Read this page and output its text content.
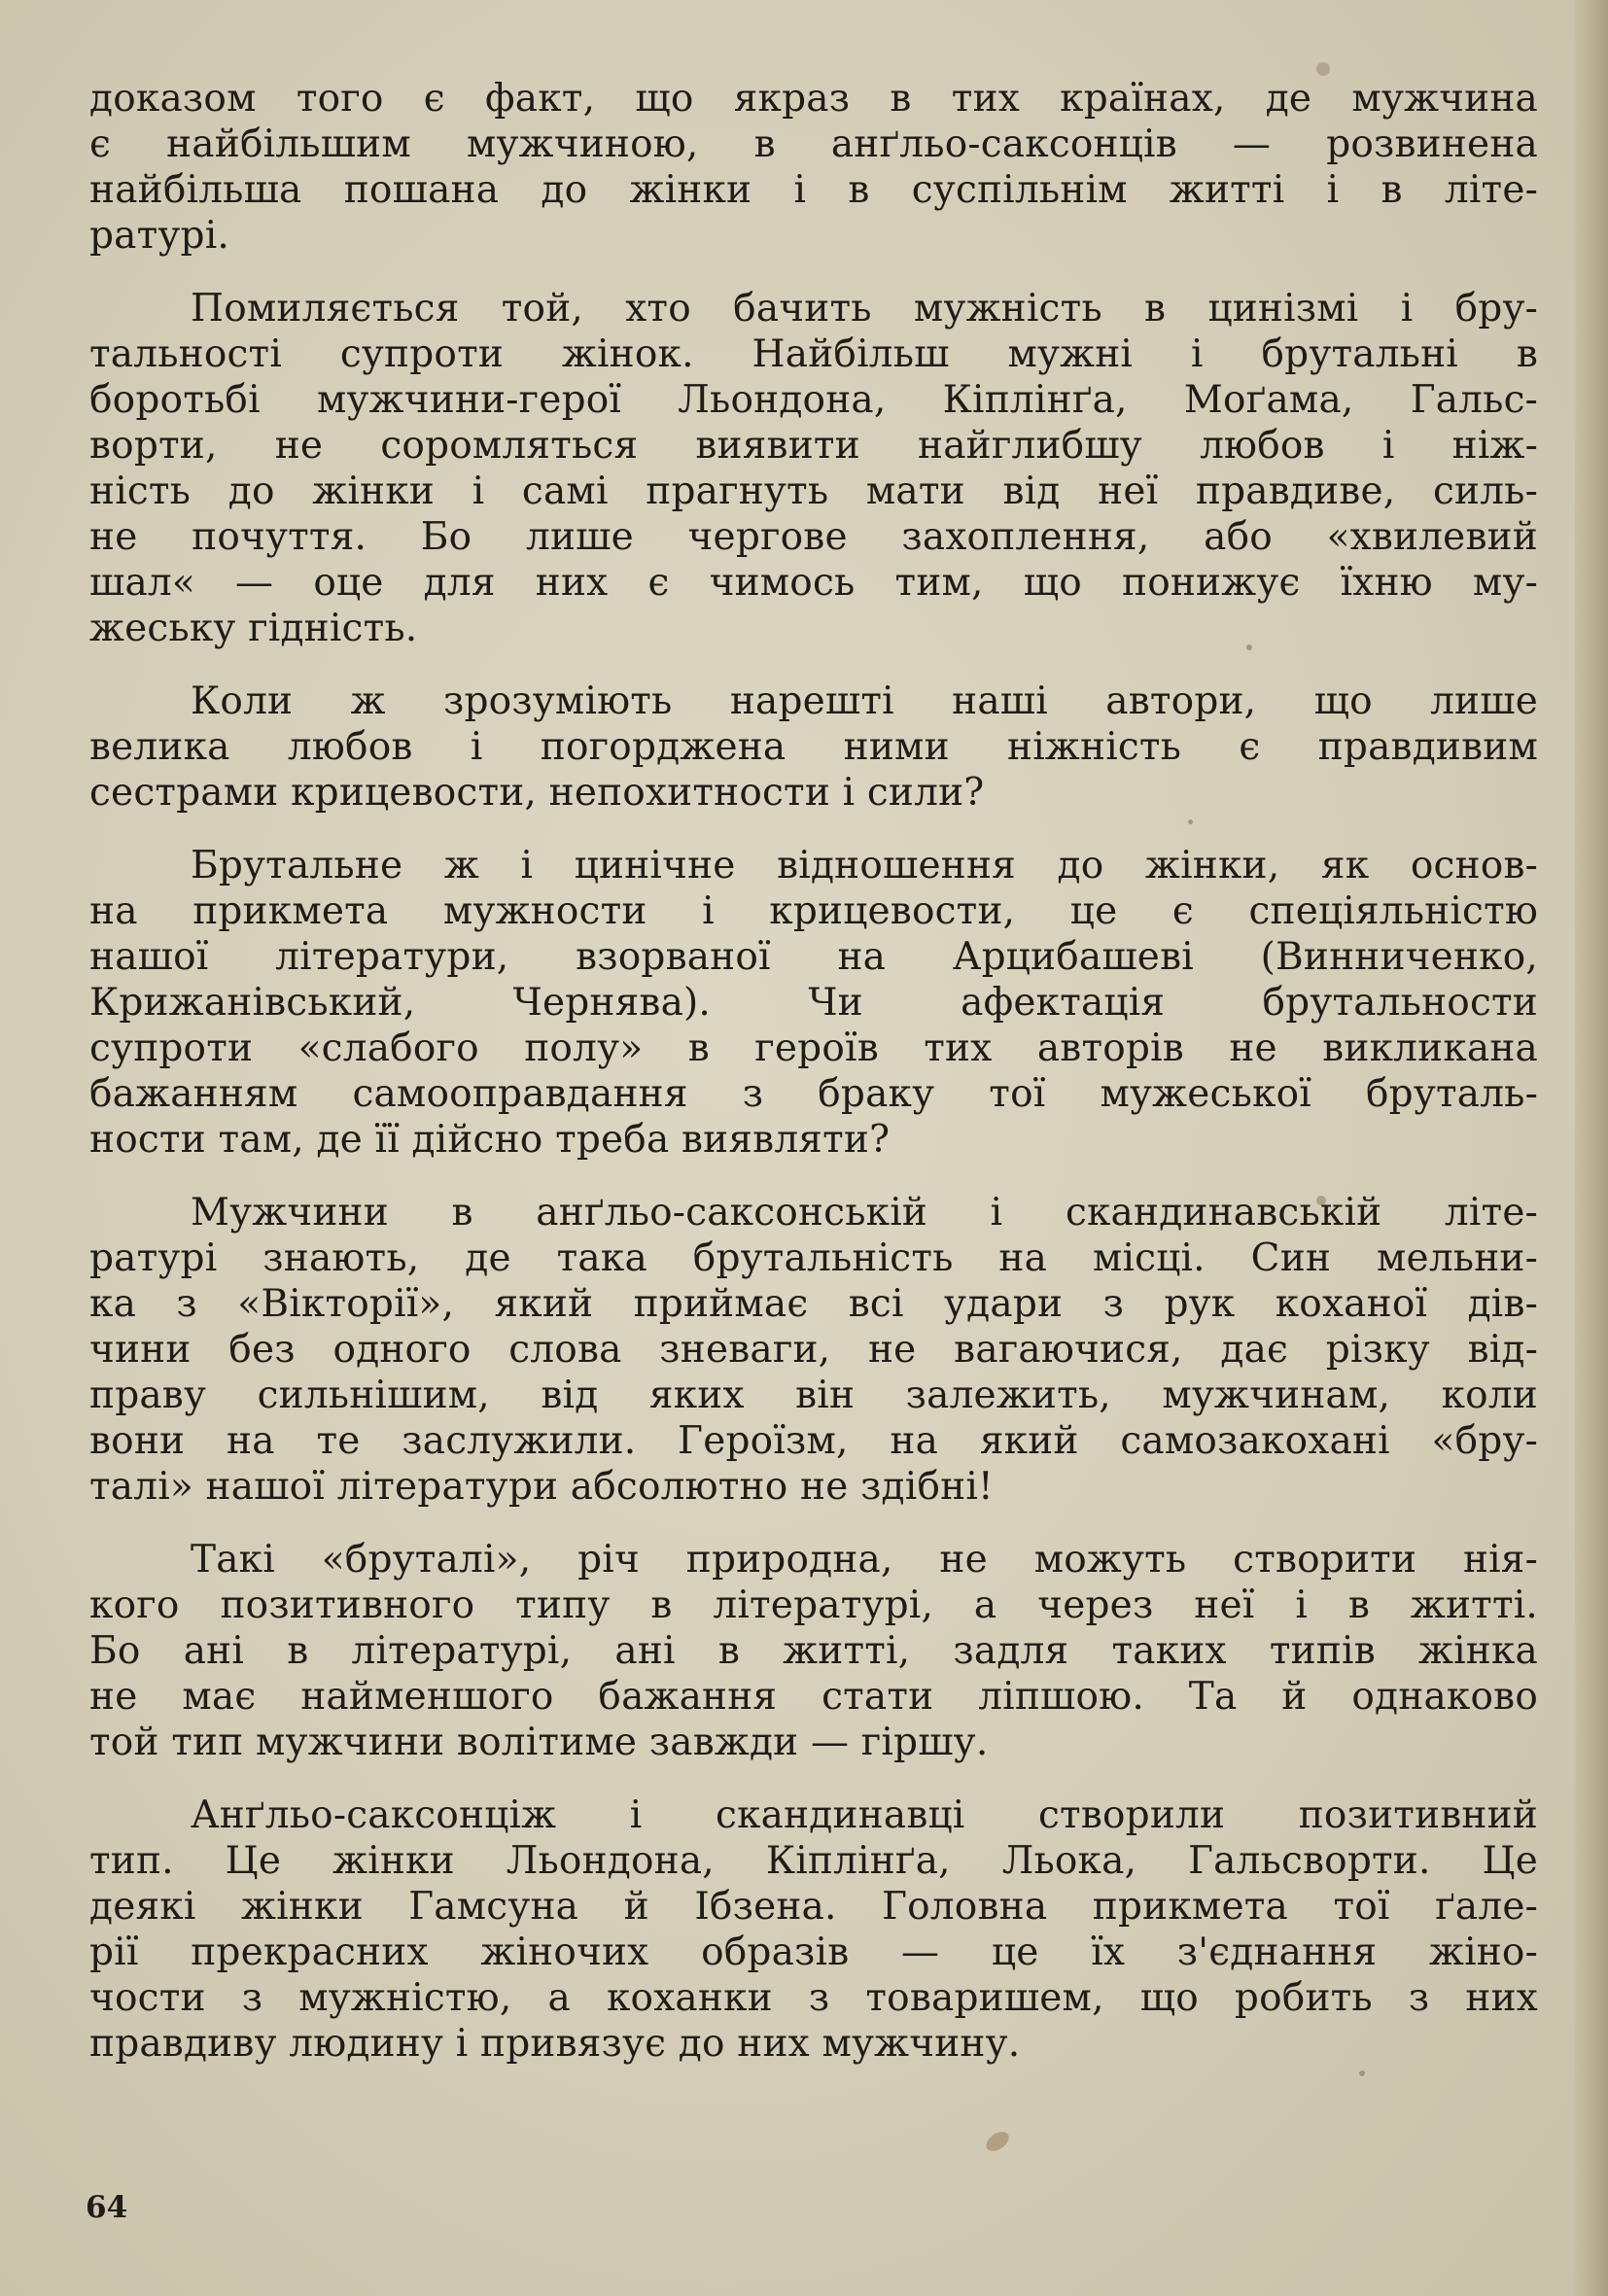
доказом того є факт, що якраз в тих країнах, де мужчина
є найбільшим мужчиною, в анґльо-саксонців — розвинена
найбільша пошана до жінки і в суспільнім житті і в літе-
ратурі.
Помиляється той, хто бачить мужність в цинізмі і бру-
тальності супроти жінок. Найбільш мужні і брутальні в
боротьбі мужчини-герої Льондона, Кіплінґа, Моґама, Гальс-
ворти, не соромляться виявити найглибшу любов і ніж-
ність до жінки і самі прагнуть мати від неї правдиве, силь-
не почуття. Бо лише чергове захоплення, або «хвилевий
шал« — оце для них є чимось тим, що понижує їхню му-
жеську гідність.
Коли ж зрозуміють нарешті наші автори, що лише
велика любов і погорджена ними ніжність є правдивим
сестрами крицевости, непохитности і сили?
Брутальне ж і цинічне відношення до жінки, як основ-
на прикмета мужности і крицевости, це є спеціяльністю
нашої літератури, взорваної на Арцибашеві (Винниченко,
Крижанівський, Чернява). Чи афектація брутальности
супроти «слабого полу» в героїв тих авторів не викликана
бажанням самооправдання з браку тої мужеської бруталь-
ности там, де її дійсно треба виявляти?
Мужчини в анґльо-саксонській і скандинавській літе-
ратурі знають, де така брутальність на місці. Син мельни-
ка з «Вікторії», який приймає всі удари з рук коханої дів-
чини без одного слова зневаги, не вагаючися, дає різку від-
праву сильнішим, від яких він залежить, мужчинам, коли
вони на те заслужили. Героїзм, на який самозакохані «бру-
талі» нашої літератури абсолютно не здібні!
Такі «бруталі», річ природна, не можуть створити нія-
кого позитивного типу в літературі, а через неї і в житті.
Бо ані в літературі, ані в житті, задля таких типів жінка
не має найменшого бажання стати ліпшою. Та й однаково
той тип мужчини волітиме завжди — гіршу.
Анґльо-саксонціж і скандинавці створили позитивний
тип. Це жінки Льондона, Кіплінґа, Льока, Гальсворти. Це
деякі жінки Гамсуна й Ібзена. Головна прикмета тої ґале-
рії прекрасних жіночих образів — це їх з'єднання жіно-
чости з мужністю, а коханки з товаришем, що робить з них
правдиву людину і привязує до них мужчину.
64
